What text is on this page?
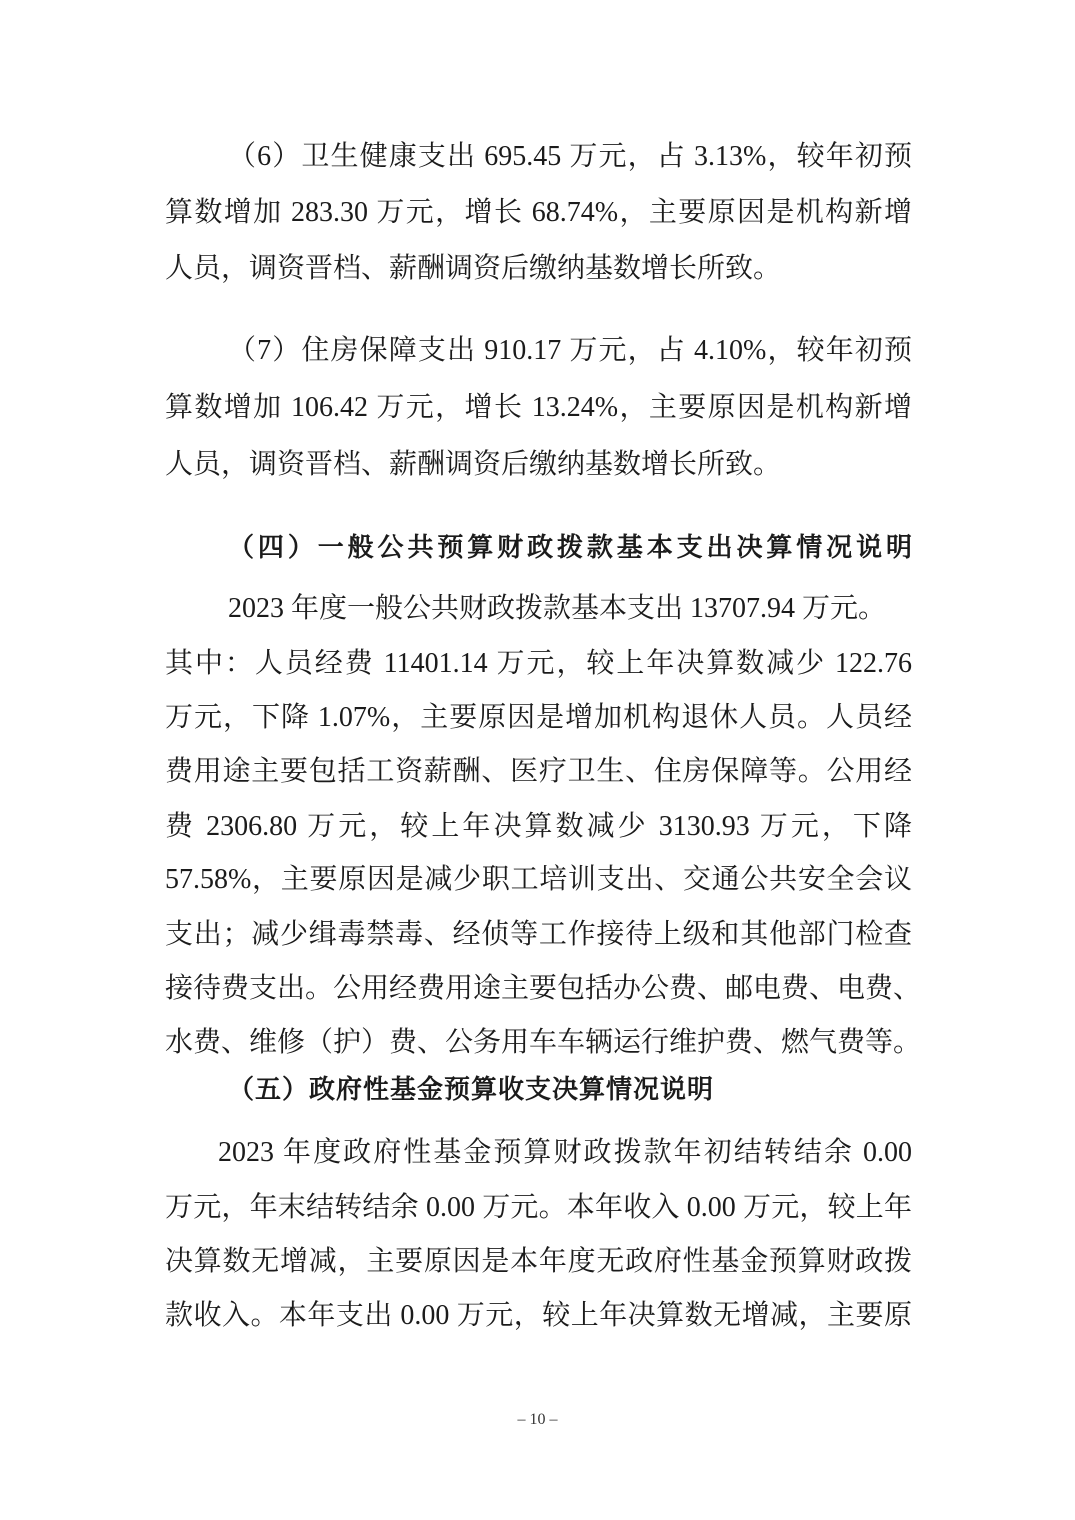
（6）卫生健康支出 695.45 万元，占 3.13%，较年初预
算数增加 283.30 万元，增长 68.74%，主要原因是机构新增
人员，调资晋档、薪酬调资后缴纳基数增长所致。
（7）住房保障支出 910.17 万元，占 4.10%，较年初预
算数增加 106.42 万元，增长 13.24%，主要原因是机构新增
人员，调资晋档、薪酬调资后缴纳基数增长所致。
（四）一般公共预算财政拨款基本支出决算情况说明
2023 年度一般公共财政拨款基本支出 13707.94 万元。
其中：人员经费 11401.14 万元，较上年决算数减少 122.76
万元，下降 1.07%，主要原因是增加机构退休人员。人员经
费用途主要包括工资薪酬、医疗卫生、住房保障等。公用经
费 2306.80 万元，较上年决算数减少 3130.93 万元，下降
57.58%，主要原因是减少职工培训支出、交通公共安全会议
支出；减少缉毒禁毒、经侦等工作接待上级和其他部门检查
接待费支出。公用经费用途主要包括办公费、邮电费、电费、
水费、维修（护）费、公务用车车辆运行维护费、燃气费等。
（五）政府性基金预算收支决算情况说明
2023 年度政府性基金预算财政拨款年初结转结余 0.00
万元，年末结转结余 0.00 万元。本年收入 0.00 万元，较上年
决算数无增减，主要原因是本年度无政府性基金预算财政拨
款收入。本年支出 0.00 万元，较上年决算数无增减，主要原
– 10 –
